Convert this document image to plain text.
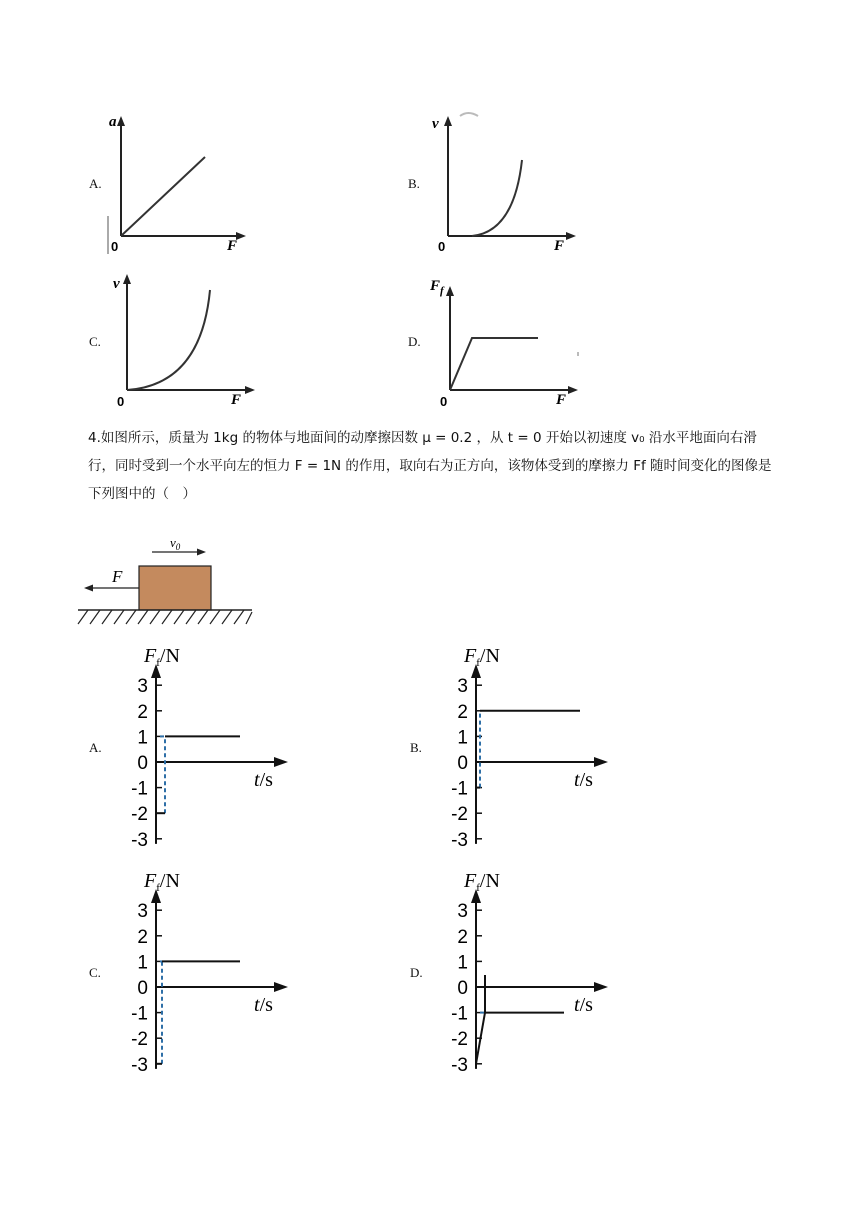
A.
a
F
0
B.
v
F
0
C.
v
F
0
D.
$F_f$
F
0
4.如图所示，质量为 1kg 的物体与地面间的动摩擦因数 μ = 0.2 ，从 t = 0 开始以初速度 v₀ 沿水平地面向右滑行，同时受到一个水平向左的恒力 F = 1N 的作用，取向右为正方向，该物体受到的摩擦力 Ff 随时间变化的图像是下列图中的（　）
$v_0$
F
A.
3
2
1
0
-1
-2
-3
$F_f/N$
t/s
B.
3
2
1
0
-1
-2
-3
$F_f/N$
t/s
C.
3
2
1
0
-1
-2
-3
$F_f/N$
t/s
D.
3
2
1
0
-1
-2
-3
$F_f/N$
t/s
